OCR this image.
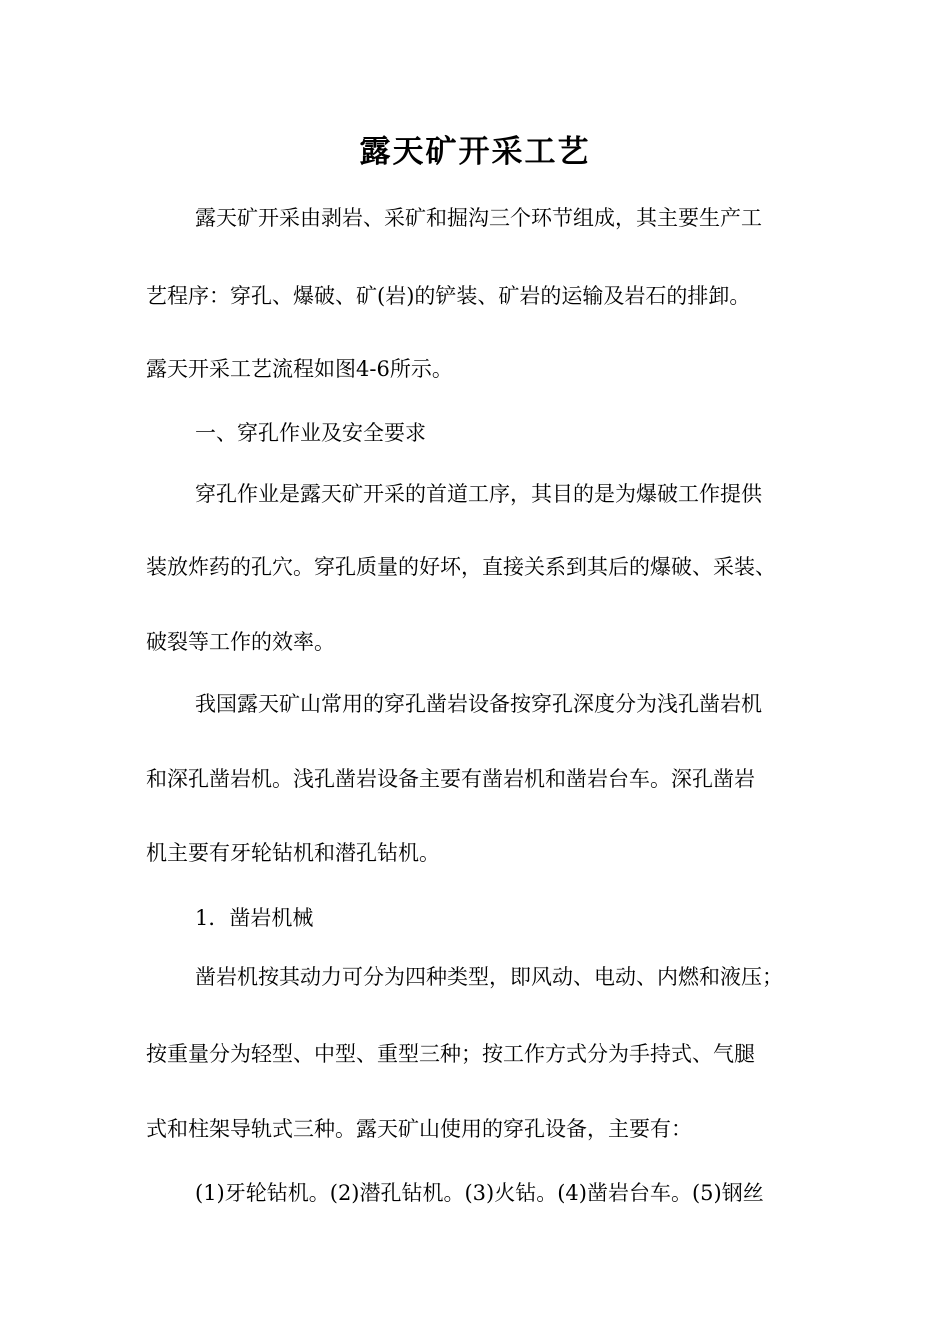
露天矿开采工艺

露天矿开采由剥岩、采矿和掘沟三个环节组成，其主要生产工

艺程序：穿孔、爆破、矿(岩)的铲装、矿岩的运输及岩石的排卸。

露天开采工艺流程如图4-6所示。

一、穿孔作业及安全要求

穿孔作业是露天矿开采的首道工序，其目的是为爆破工作提供

装放炸药的孔穴。穿孔质量的好坏，直接关系到其后的爆破、采装、

破裂等工作的效率。

我国露天矿山常用的穿孔凿岩设备按穿孔深度分为浅孔凿岩机

和深孔凿岩机。浅孔凿岩设备主要有凿岩机和凿岩台车。深孔凿岩

机主要有牙轮钻机和潜孔钻机。

1．凿岩机械

凿岩机按其动力可分为四种类型，即风动、电动、内燃和液压；

按重量分为轻型、中型、重型三种；按工作方式分为手持式、气腿

式和柱架导轨式三种。露天矿山使用的穿孔设备，主要有：

(1)牙轮钻机。(2)潜孔钻机。(3)火钻。(4)凿岩台车。(5)钢丝
